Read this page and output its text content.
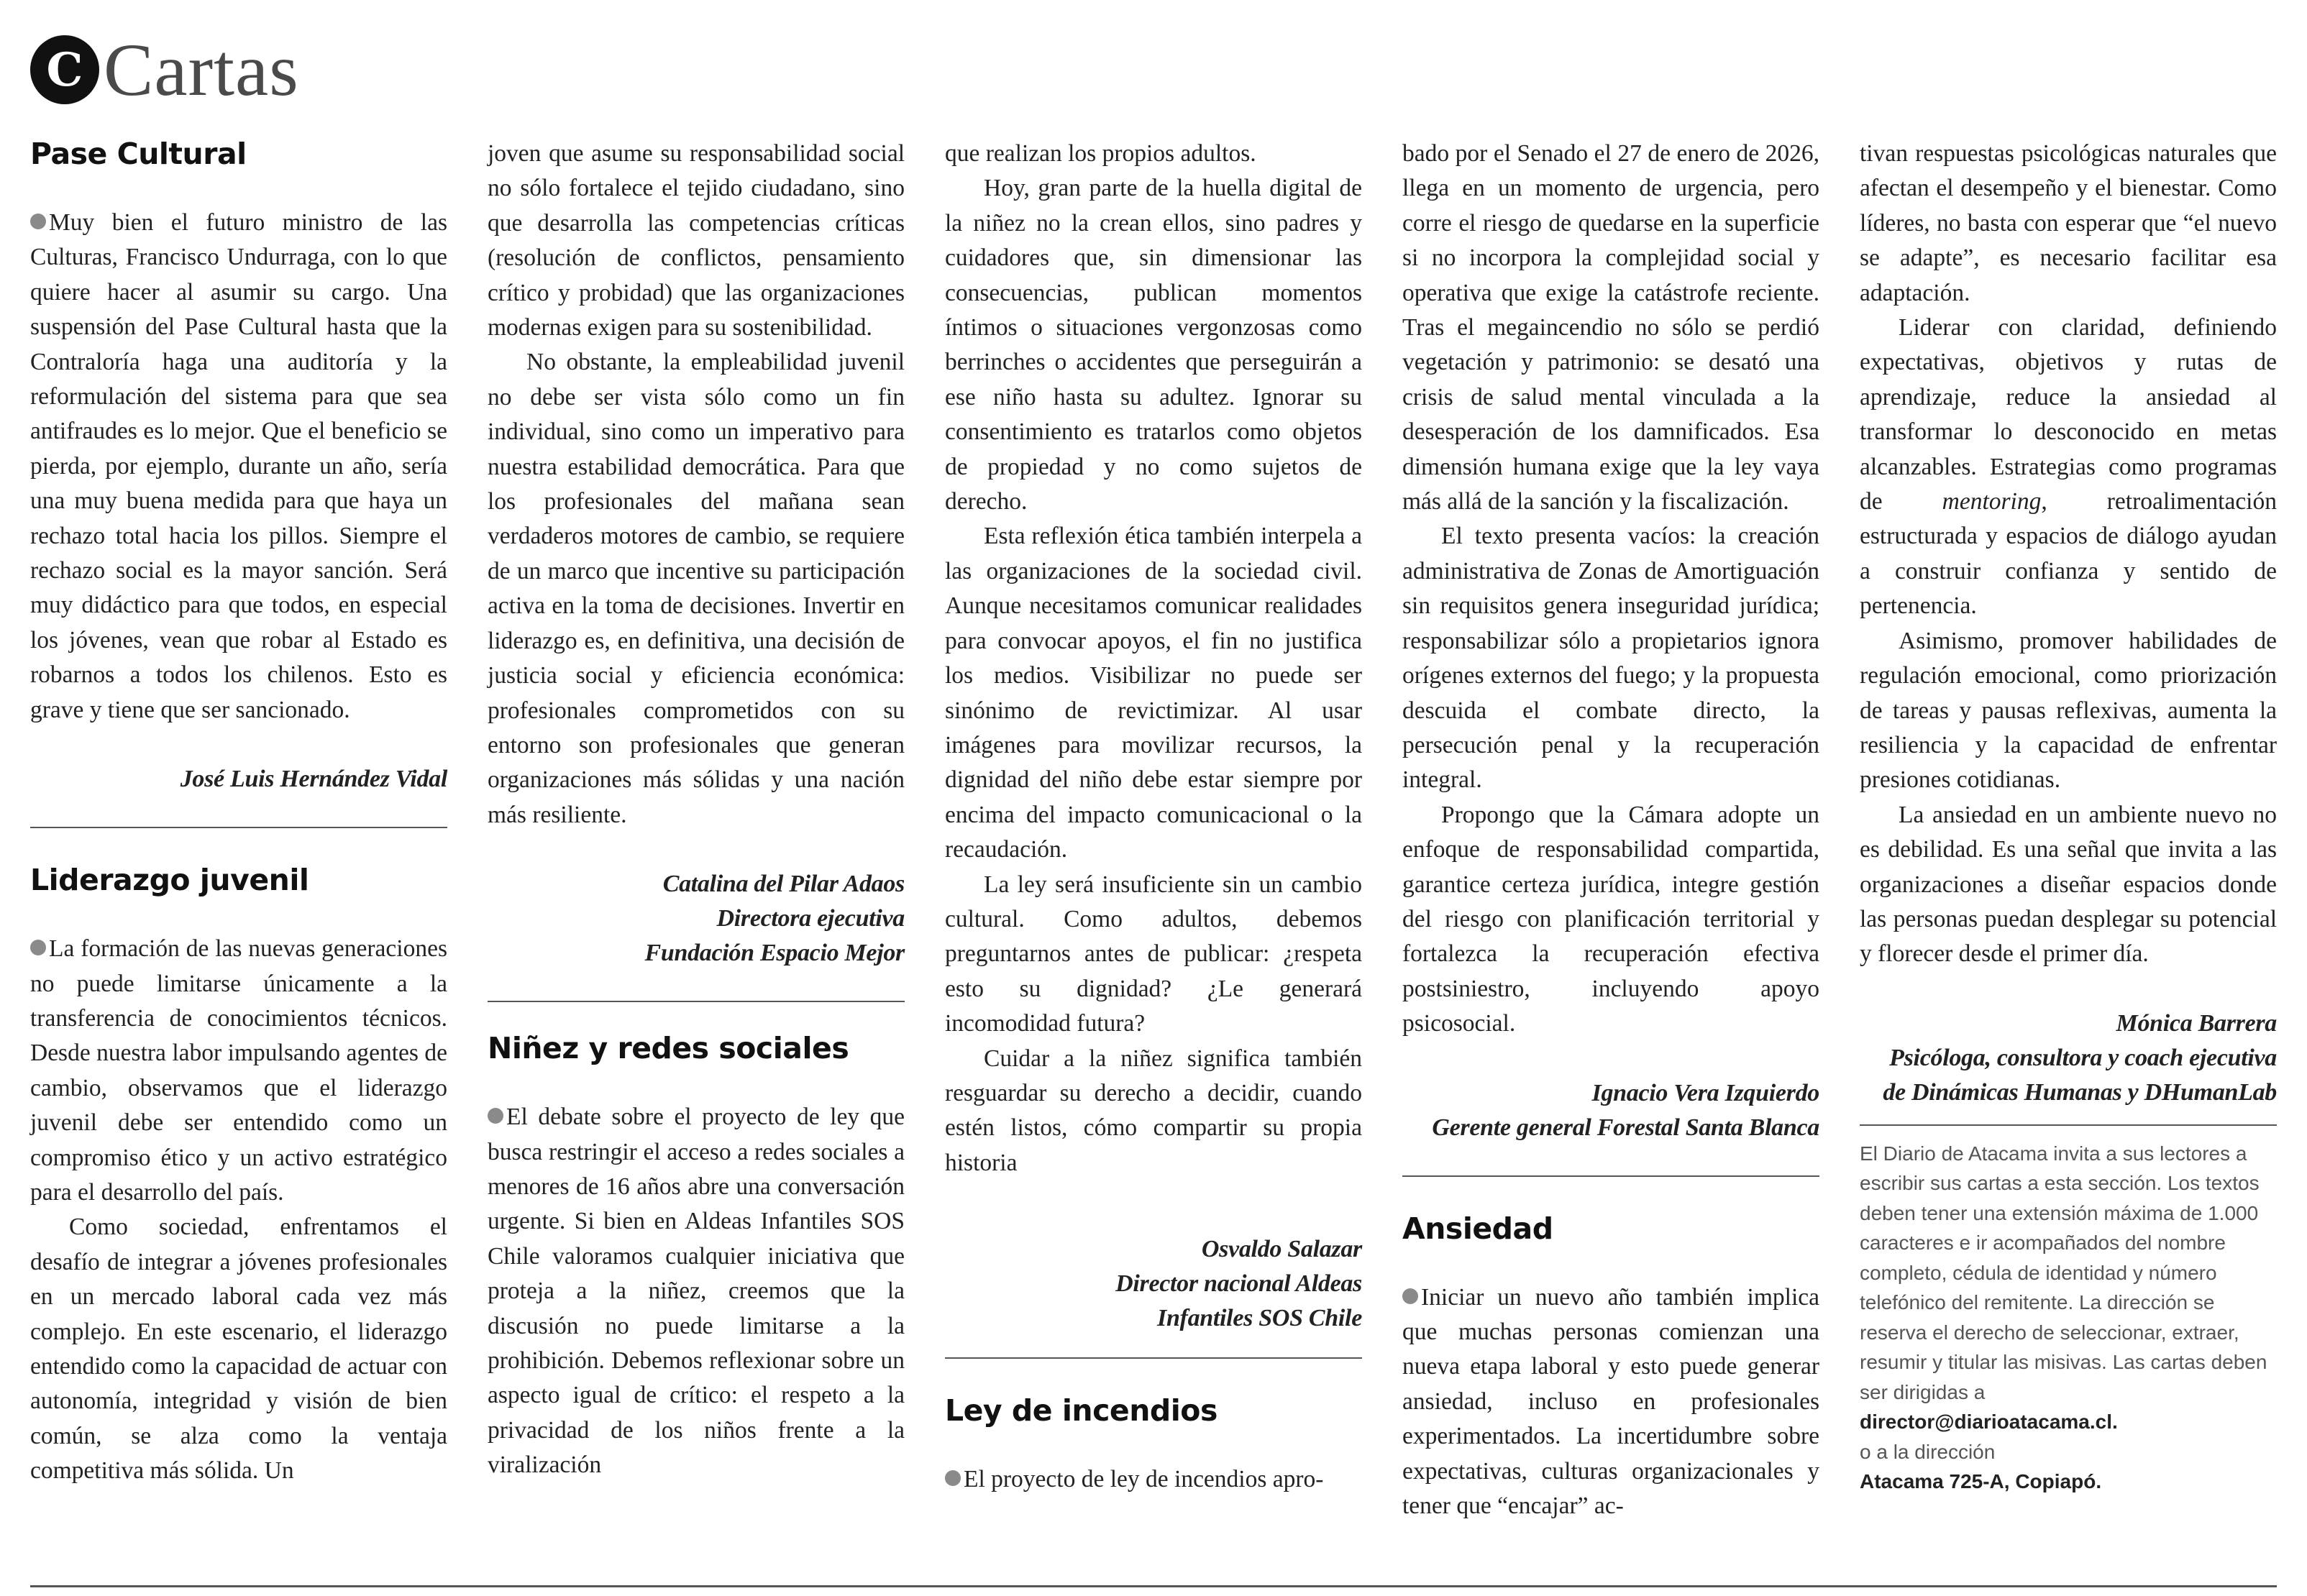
C Cartas
Pase Cultural

Muy bien el futuro ministro de las Culturas, Francisco Undurraga, con lo que quiere hacer al asumir su cargo. Una suspensión del Pase Cultural hasta que la Contraloría haga una auditoría y la reformulación del sistema para que sea antifraudes es lo mejor. Que el beneficio se pierda, por ejemplo, durante un año, sería una muy buena medida para que haya un rechazo total hacia los pillos. Siempre el rechazo social es la mayor sanción. Será muy didáctico para que todos, en especial los jóvenes, vean que robar al Estado es robarnos a todos los chilenos. Esto es grave y tiene que ser sancionado.

José Luis Hernández Vidal
Liderazgo juvenil

La formación de las nuevas generaciones no puede limitarse únicamente a la transferencia de conocimientos técnicos. Desde nuestra labor impulsando agentes de cambio, observamos que el liderazgo juvenil debe ser entendido como un compromiso ético y un activo estratégico para el desarrollo del país.

Como sociedad, enfrentamos el desafío de integrar a jóvenes profesionales en un mercado laboral cada vez más complejo. En este escenario, el liderazgo entendido como la capacidad de actuar con autonomía, integridad y visión de bien común, se alza como la ventaja competitiva más sólida. Un

joven que asume su responsabilidad social no sólo fortalece el tejido ciudadano, sino que desarrolla las competencias críticas (resolución de conflictos, pensamiento crítico y probidad) que las organizaciones modernas exigen para su sostenibilidad.

No obstante, la empleabilidad juvenil no debe ser vista sólo como un fin individual, sino como un imperativo para nuestra estabilidad democrática. Para que los profesionales del mañana sean verdaderos motores de cambio, se requiere de un marco que incentive su participación activa en la toma de decisiones. Invertir en liderazgo es, en definitiva, una decisión de justicia social y eficiencia económica: profesionales comprometidos con su entorno son profesionales que generan organizaciones más sólidas y una nación más resiliente.

Catalina del Pilar Adaos
Directora ejecutiva
Fundación Espacio Mejor
Niñez y redes sociales

El debate sobre el proyecto de ley que busca restringir el acceso a redes sociales a menores de 16 años abre una conversación urgente. Si bien en Aldeas Infantiles SOS Chile valoramos cualquier iniciativa que proteja a la niñez, creemos que la discusión no puede limitarse a la prohibición. Debemos reflexionar sobre un aspecto igual de crítico: el respeto a la privacidad de los niños frente a la viralización

que realizan los propios adultos.

Hoy, gran parte de la huella digital de la niñez no la crean ellos, sino padres y cuidadores que, sin dimensionar las consecuencias, publican momentos íntimos o situaciones vergonzosas como berrinches o accidentes que perseguirán a ese niño hasta su adultez. Ignorar su consentimiento es tratarlos como objetos de propiedad y no como sujetos de derecho.

Esta reflexión ética también interpela a las organizaciones de la sociedad civil. Aunque necesitamos comunicar realidades para convocar apoyos, el fin no justifica los medios. Visibilizar no puede ser sinónimo de revictimizar. Al usar imágenes para movilizar recursos, la dignidad del niño debe estar siempre por encima del impacto comunicacional o la recaudación.

La ley será insuficiente sin un cambio cultural. Como adultos, debemos preguntarnos antes de publicar: ¿respeta esto su dignidad? ¿Le generará incomodidad futura?

Cuidar a la niñez significa también resguardar su derecho a decidir, cuando estén listos, cómo compartir su propia historia

Osvaldo Salazar
Director nacional Aldeas Infantiles SOS Chile
Ley de incendios

El proyecto de ley de incendios apro-

bado por el Senado el 27 de enero de 2026, llega en un momento de urgencia, pero corre el riesgo de quedarse en la superficie si no incorpora la complejidad social y operativa que exige la catástrofe reciente. Tras el megaincendio no sólo se perdió vegetación y patrimonio: se desató una crisis de salud mental vinculada a la desesperación de los damnificados. Esa dimensión humana exige que la ley vaya más allá de la sanción y la fiscalización.

El texto presenta vacíos: la creación administrativa de Zonas de Amortiguación sin requisitos genera inseguridad jurídica; responsabilizar sólo a propietarios ignora orígenes externos del fuego; y la propuesta descuida el combate directo, la persecución penal y la recuperación integral.

Propongo que la Cámara adopte un enfoque de responsabilidad compartida, garantice certeza jurídica, integre gestión del riesgo con planificación territorial y fortalezca la recuperación efectiva postsiniestro, incluyendo apoyo psicosocial.

Ignacio Vera Izquierdo
Gerente general Forestal Santa Blanca
Ansiedad

Iniciar un nuevo año también implica que muchas personas comienzan una nueva etapa laboral y esto puede generar ansiedad, incluso en profesionales experimentados. La incertidumbre sobre expectativas, culturas organizacionales y tener que “encajar” ac-

tivan respuestas psicológicas naturales que afectan el desempeño y el bienestar. Como líderes, no basta con esperar que “el nuevo se adapte”, es necesario facilitar esa adaptación.

Liderar con claridad, definiendo expectativas, objetivos y rutas de aprendizaje, reduce la ansiedad al transformar lo desconocido en metas alcanzables. Estrategias como programas de mentoring, retroalimentación estructurada y espacios de diálogo ayudan a construir confianza y sentido de pertenencia.

Asimismo, promover habilidades de regulación emocional, como priorización de tareas y pausas reflexivas, aumenta la resiliencia y la capacidad de enfrentar presiones cotidianas.

La ansiedad en un ambiente nuevo no es debilidad. Es una señal que invita a las organizaciones a diseñar espacios donde las personas puedan desplegar su potencial y florecer desde el primer día.

Mónica Barrera
Psicóloga, consultora y coach ejecutiva de Dinámicas Humanas y DHumanLab
El Diario de Atacama invita a sus lectores a escribir sus cartas a esta sección. Los textos deben tener una extensión máxima de 1.000 caracteres e ir acompañados del nombre completo, cédula de identidad y número telefónico del remitente. La dirección se reserva el derecho de seleccionar, extraer, resumir y titular las misivas. Las cartas deben ser dirigidas a
director@diarioatacama.cl.
o a la dirección
Atacama 725-A, Copiapó.
